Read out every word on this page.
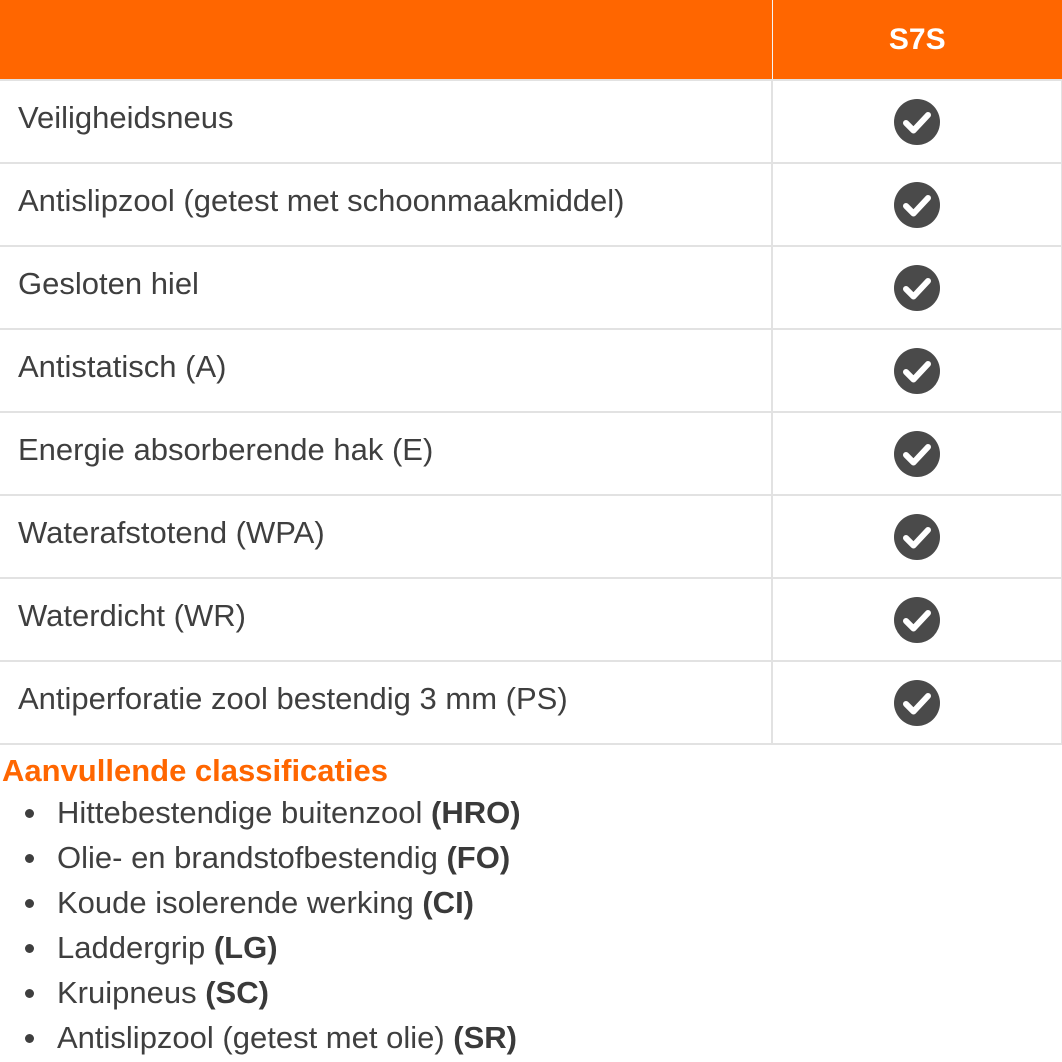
	S7S
Veiligheidsneus	
Antislipzool (getest met schoonmaakmiddel)	
Gesloten hiel	
Antistatisch (A)	
Energie absorberende hak (E)	
Waterafstotend (WPA)	
Waterdicht (WR)	
Antiperforatie zool bestendig 3 mm (PS)	
Aanvullende classificaties
Hittebestendige buitenzool (HRO)
Olie- en brandstofbestendig (FO)
Koude isolerende werking (CI)
Laddergrip (LG)
Kruipneus (SC)
Antislipzool (getest met olie) (SR)
